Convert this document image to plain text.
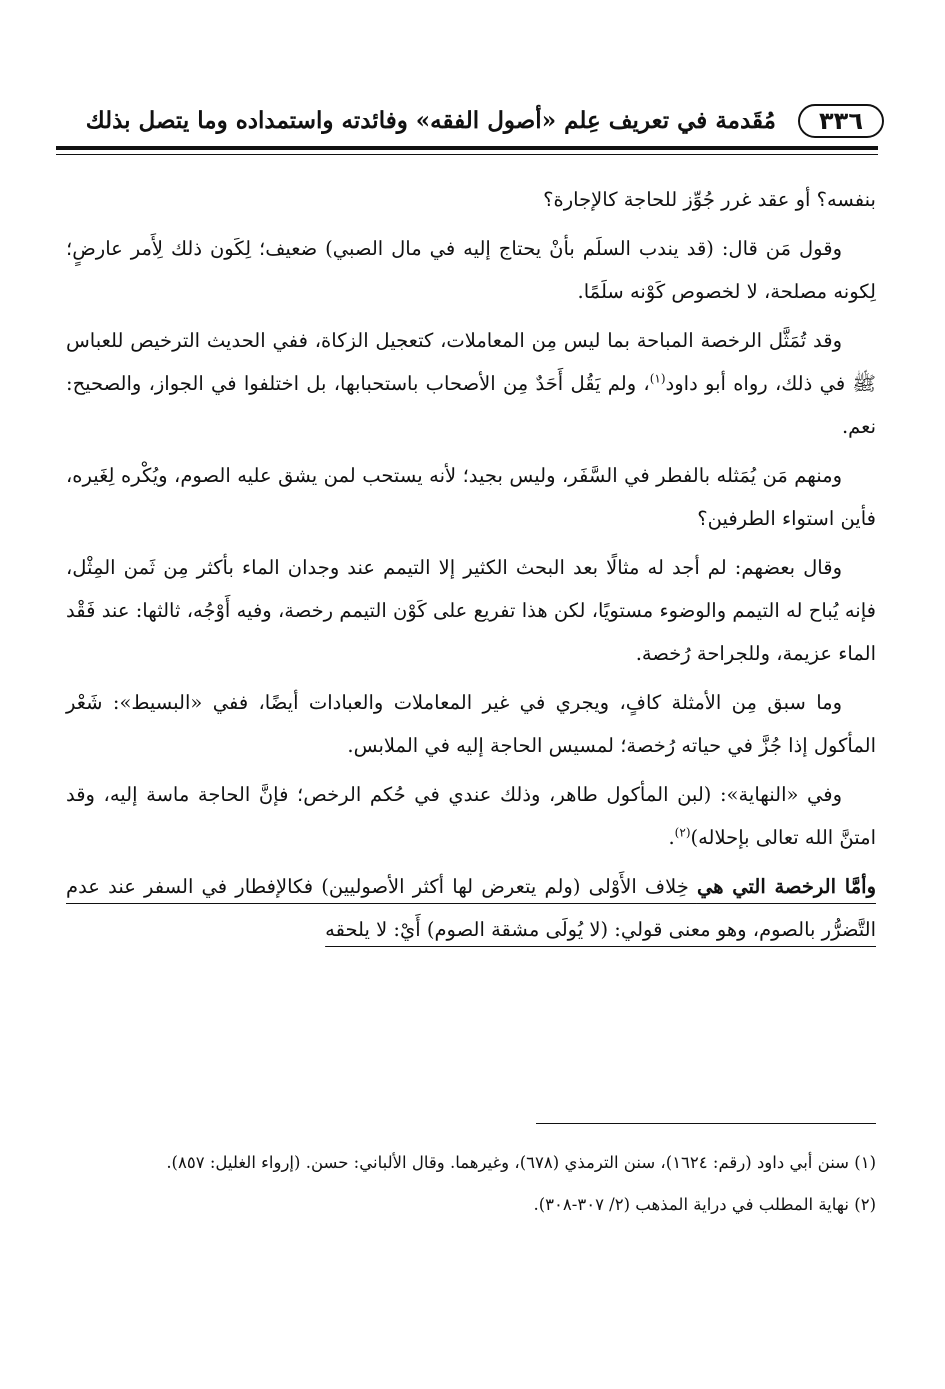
٣٣٦
مُقَدمة في تعريف عِلم «أصول الفقه» وفائدته واستمداده وما يتصل بذلك

بنفسه؟ أو عقد غرر جُوِّز للحاجة كالإجارة؟

وقول مَن قال: (قد يندب السلَم بأنْ يحتاج إليه في مال الصبي) ضعيف؛ لِكَون ذلك لِأَمر عارضٍ؛ لِكونه مصلحة، لا لخصوص كَوْنه سلَمًا.

وقد تُمَثَّل الرخصة المباحة بما ليس مِن المعاملات، كتعجيل الزكاة، ففي الحديث الترخيص للعباس ﷺ في ذلك، رواه أبو داود$^{(١)}$، ولم يَقُل أَحَدٌ مِن الأصحاب باستحبابها، بل اختلفوا في الجواز، والصحيح: نعم.

ومنهم مَن يُمَثله بالفطر في السَّفَر، وليس بجيد؛ لأنه يستحب لمن يشق عليه الصوم، ويُكْره لِغَيره، فأين استواء الطرفين؟

وقال بعضهم: لم أجد له مثالًا بعد البحث الكثير إلا التيمم عند وجدان الماء بأكثر مِن ثَمن المِثْل، فإنه يُباح له التيمم والوضوء مستويًا، لكن هذا تفريع على كَوْن التيمم رخصة، وفيه أَوْجُه، ثالثها: عند فَقْد الماء عزيمة، وللجراحة رُخصة.

وما سبق مِن الأمثلة كافٍ، ويجري في غير المعاملات والعبادات أيضًا، ففي «البسيط»: شَعْر المأكول إذا جُزَّ في حياته رُخصة؛ لمسيس الحاجة إليه في الملابس.

وفي «النهاية»: (لبن المأكول طاهر، وذلك عندي في حُكم الرخص؛ فإنَّ الحاجة ماسة إليه، وقد امتنَّ الله تعالى بإحلاله)$^{(٢)}$.

وأمَّا الرخصة التي هي خِلاف الأَوْلى (ولم يتعرض لها أكثر الأصوليين) فكالإفطار في السفر عند عدم التَّضرُّر بالصوم، وهو معنى قولي: (لا يُولَى مشقة الصوم) أَيْ: لا يلحقه

(١) سنن أبي داود (رقم: ١٦٢٤)، سنن الترمذي (٦٧٨)، وغيرهما. وقال الألباني: حسن. (إرواء الغليل: ٨٥٧).

(٢) نهاية المطلب في دراية المذهب (٢/ ٣٠٧-٣٠٨).
